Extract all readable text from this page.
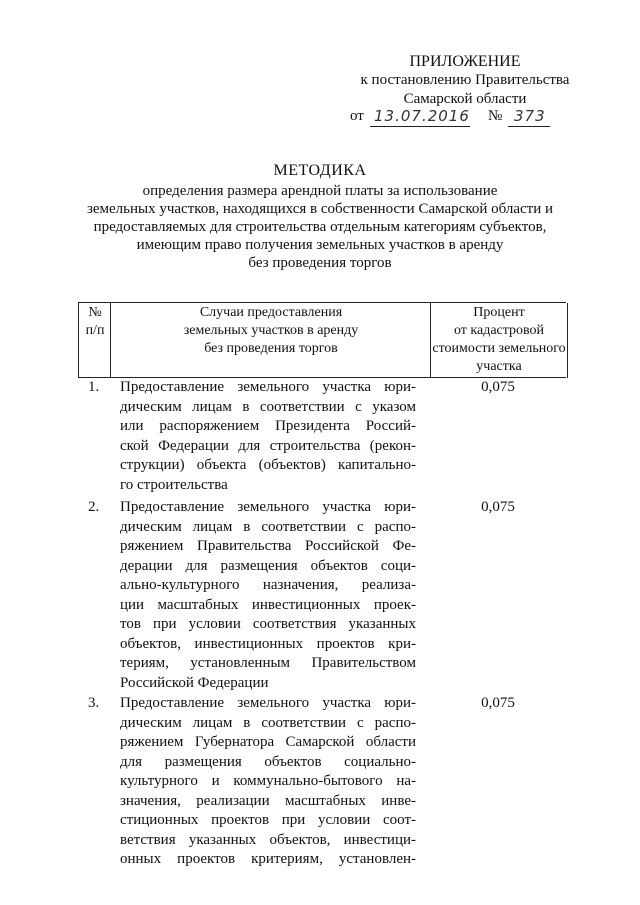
ПРИЛОЖЕНИЕ
к постановлению Правительства
Самарской области
от 13.07.2016 № 373
МЕТОДИКА
определения размера арендной платы за использование
земельных участков, находящихся в собственности Самарской области и
предоставляемых для строительства отдельным категориям субъектов,
имеющим право получения земельных участков в аренду
без проведения торгов
№
п/п
Случаи предоставления
земельных участков в аренду
без проведения торгов
Процент
от кадастровой
стоимости земельного
участка
1. Предоставление земельного участка юри-
дическим лицам в соответствии с указом
или распоряжением Президента Россий-
ской Федерации для строительства (рекон-
струкции) объекта (объектов) капитально-
го строительства
0,075
2. Предоставление земельного участка юри-
дическим лицам в соответствии с распо-
ряжением Правительства Российской Фе-
дерации для размещения объектов соци-
ально-культурного назначения, реализа-
ции масштабных инвестиционных проек-
тов при условии соответствия указанных
объектов, инвестиционных проектов кри-
териям, установленным Правительством
Российской Федерации
0,075
3. Предоставление земельного участка юри-
дическим лицам в соответствии с распо-
ряжением Губернатора Самарской области
для размещения объектов социально-
культурного и коммунально-бытового на-
значения, реализации масштабных инве-
стиционных проектов при условии соот-
ветствия указанных объектов, инвестици-
онных проектов критериям, установлен-
0,075
